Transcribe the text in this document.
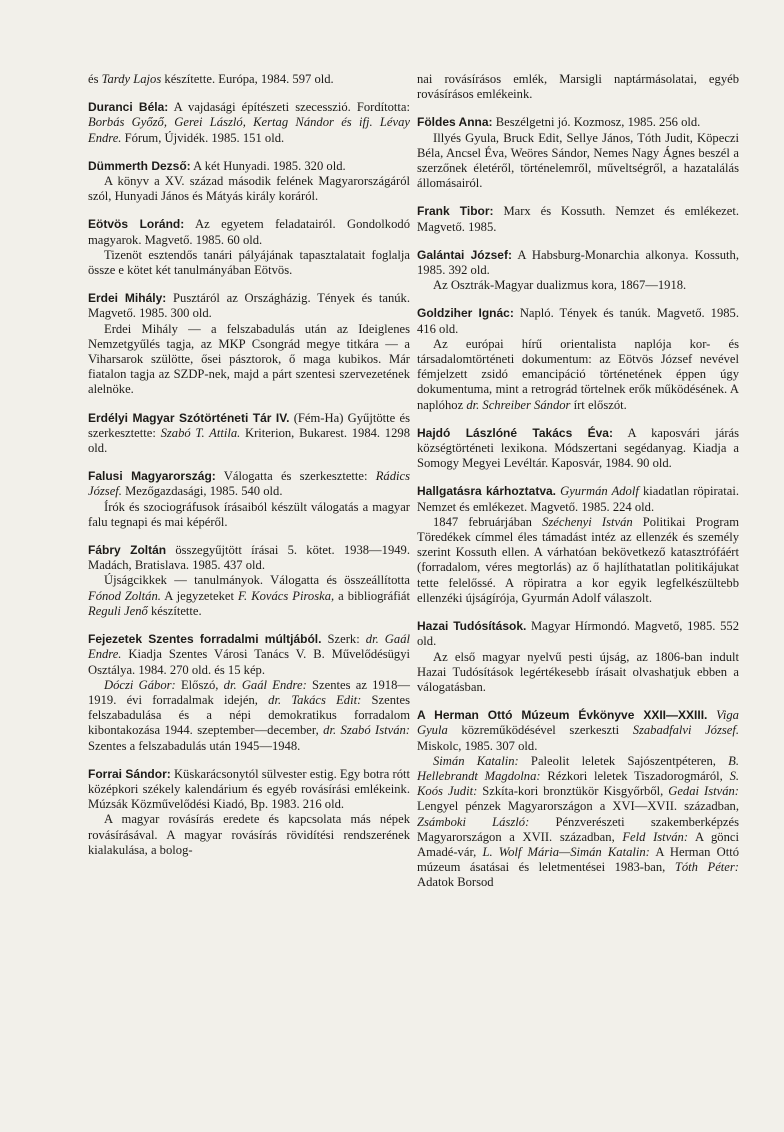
és Tardy Lajos készítette. Európa, 1984. 597 old.

Duranci Béla: A vajdasági építészeti szecesszió. Fordította: Borbás Győző, Gerei László, Kertag Nándor és ifj. Lévay Endre. Fórum, Újvidék. 1985. 151 old.

Dümmerth Dezső: A két Hunyadi. 1985. 320 old.

A könyv a XV. század második felének Magyarországáról szól, Hunyadi János és Mátyás király koráról.

Eötvös Loránd: Az egyetem feladatairól. Gondolkodó magyarok. Magvető. 1985. 60 old.

Tizenöt esztendős tanári pályájának tapasztalatait foglalja össze e kötet két tanulmányában Eötvös.

Erdei Mihály: Pusztáról az Országházig. Tények és tanúk. Magvető. 1985. 300 old.

Erdei Mihály — a felszabadulás után az Ideiglenes Nemzetgyűlés tagja, az MKP Csongrád megye titkára — a Viharsarok szülötte, ősei pásztorok, ő maga kubikos. Már fiatalon tagja az SZDP-nek, majd a párt szentesi szervezetének alelnöke.

Erdélyi Magyar Szótörténeti Tár IV. (Fém-Ha) Gyűjtötte és szerkesztette: Szabó T. Attila. Kriterion, Bukarest. 1984. 1298 old.

Falusi Magyarország: Válogatta és szerkesztette: Rádics József. Mezőgazdasági, 1985. 540 old.

Írók és szociográfusok írásaiból készült válogatás a magyar falu tegnapi és mai képéről.

Fábry Zoltán összegyűjtött írásai 5. kötet. 1938—1949. Madách, Bratislava. 1985. 437 old.

Újságcikkek — tanulmányok. Válogatta és összeállította Fónod Zoltán. A jegyzeteket F. Kovács Piroska, a bibliográfiát Reguli Jenő készítette.

Fejezetek Szentes forradalmi múltjából. Szerk: dr. Gaál Endre. Kiadja Szentes Városi Tanács V. B. Művelődésügyi Osztálya. 1984. 270 old. és 15 kép.

Dóczi Gábor: Előszó, dr. Gaál Endre: Szentes az 1918—1919. évi forradalmak idején, dr. Takács Edit: Szentes felszabadulása és a népi demokratikus forradalom kibontakozása 1944. szeptember—december, dr. Szabó István: Szentes a felszabadulás után 1945—1948.

Forrai Sándor: Küskarácsonytól sülvester estig. Egy botra rótt középkori székely kalendárium és egyéb rovásírási emlékeink. Múzsák Közművelődési Kiadó, Bp. 1983. 216 old.

A magyar rovásírás eredete és kapcsolata más népek rovásírásával. A magyar rovásírás rövidítési rendszerének kialakulása, a bolog-

nai rovásírásos emlék, Marsigli naptármásolatai, egyéb rovásírásos emlékeink.

Földes Anna: Beszélgetni jó. Kozmosz, 1985. 256 old.

Illyés Gyula, Bruck Edit, Sellye János, Tóth Judit, Köpeczi Béla, Ancsel Éva, Weöres Sándor, Nemes Nagy Ágnes beszél a szerzőnek életéről, történelemről, műveltségről, a hazatalálás állomásairól.

Frank Tibor: Marx és Kossuth. Nemzet és emlékezet. Magvető. 1985.

Galántai József: A Habsburg-Monarchia alkonya. Kossuth, 1985. 392 old.

Az Osztrák-Magyar dualizmus kora, 1867—1918.

Goldziher Ignác: Napló. Tények és tanúk. Magvető. 1985. 416 old.

Az európai hírű orientalista naplója kor- és társadalomtörténeti dokumentum: az Eötvös József nevével fémjelzett zsidó emancipáció történetének éppen úgy dokumentuma, mint a retrográd törtelnek erők működésének. A naplóhoz dr. Schreiber Sándor írt előszót.

Hajdó Lászlóné Takács Éva: A kaposvári járás községtörténeti lexikona. Módszertani segédanyag. Kiadja a Somogy Megyei Levéltár. Kaposvár, 1984. 90 old.

Hallgatásra kárhoztatva. Gyurmán Adolf kiadatlan röpiratai. Nemzet és emlékezet. Magvető. 1985. 224 old.

1847 februárjában Széchenyi István Politikai Program Töredékek címmel éles támadást intéz az ellenzék és személy szerint Kossuth ellen. A várhatóan bekövetkező katasztrófáért (forradalom, véres megtorlás) az ő hajlíthatatlan politikájukat tette felelőssé. A röpiratra a kor egyik legfelkészültebb ellenzéki újságírója, Gyurmán Adolf válaszolt.

Hazai Tudósítások. Magyar Hírmondó. Magvető, 1985. 552 old.

Az első magyar nyelvű pesti újság, az 1806-ban indult Hazai Tudósítások legértékesebb írásait olvashatjuk ebben a válogatásban.

A Herman Ottó Múzeum Évkönyve XXII—XXIII. Viga Gyula közreműködésével szerkeszti Szabadfalvi József. Miskolc, 1985. 307 old.

Simán Katalin: Paleolit leletek Sajószentpéteren, B. Hellebrandt Magdolna: Rézkori leletek Tiszadorogmáról, S. Koós Judit: Szkíta-kori bronztükör Kisgyőrből, Gedai István: Lengyel pénzek Magyarországon a XVI—XVII. században, Zsámboki László: Pénzverészeti szakemberképzés Magyarországon a XVII. században, Feld István: A gönci Amadé-vár, L. Wolf Mária—Simán Katalin: A Herman Ottó múzeum ásatásai és leletmentései 1983-ban, Tóth Péter: Adatok Borsod
